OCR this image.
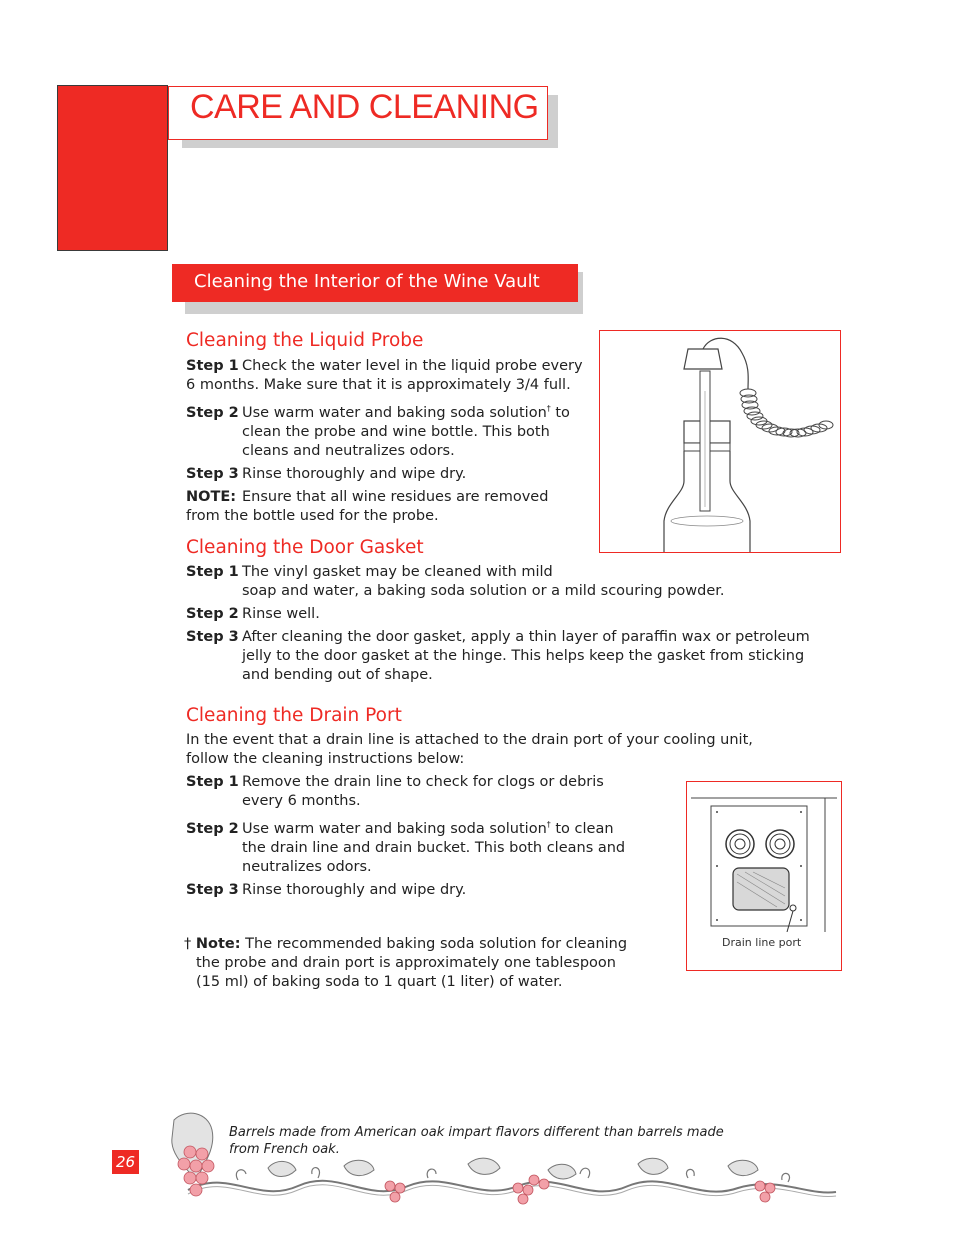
CARE AND CLEANING
Cleaning the Interior of the Wine Vault
Cleaning the Liquid Probe
Step 1 Check the water level in the liquid probe every
6 months. Make sure that it is approximately 3/4 full.
Step 2 Use warm water and baking soda solution† to
clean the probe and wine bottle. This both
cleans and neutralizes odors.
Step 3 Rinse thoroughly and wipe dry.
NOTE: Ensure that all wine residues are removed
from the bottle used for the probe.
Cleaning the Door Gasket
Step 1 The vinyl gasket may be cleaned with mild
soap and water, a baking soda solution or a mild scouring powder.
Step 2 Rinse well.
Step 3 After cleaning the door gasket, apply a thin layer of paraffin wax or petroleum
jelly to the door gasket at the hinge. This helps keep the gasket from sticking
and bending out of shape.
Cleaning the Drain Port
In the event that a drain line is attached to the drain port of your cooling unit,
follow the cleaning instructions below:
Step 1 Remove the drain line to check for clogs or debris
every 6 months.
Step 2 Use warm water and baking soda solution† to clean
the drain line and drain bucket. This both cleans and
neutralizes odors.
Step 3 Rinse thoroughly and wipe dry.
Drain line port
† Note: The recommended baking soda solution for cleaning
the probe and drain port is approximately one tablespoon
(15 ml) of baking soda to 1 quart (1 liter) of water.
26
Barrels made from American oak impart flavors different than barrels made
from French oak.
